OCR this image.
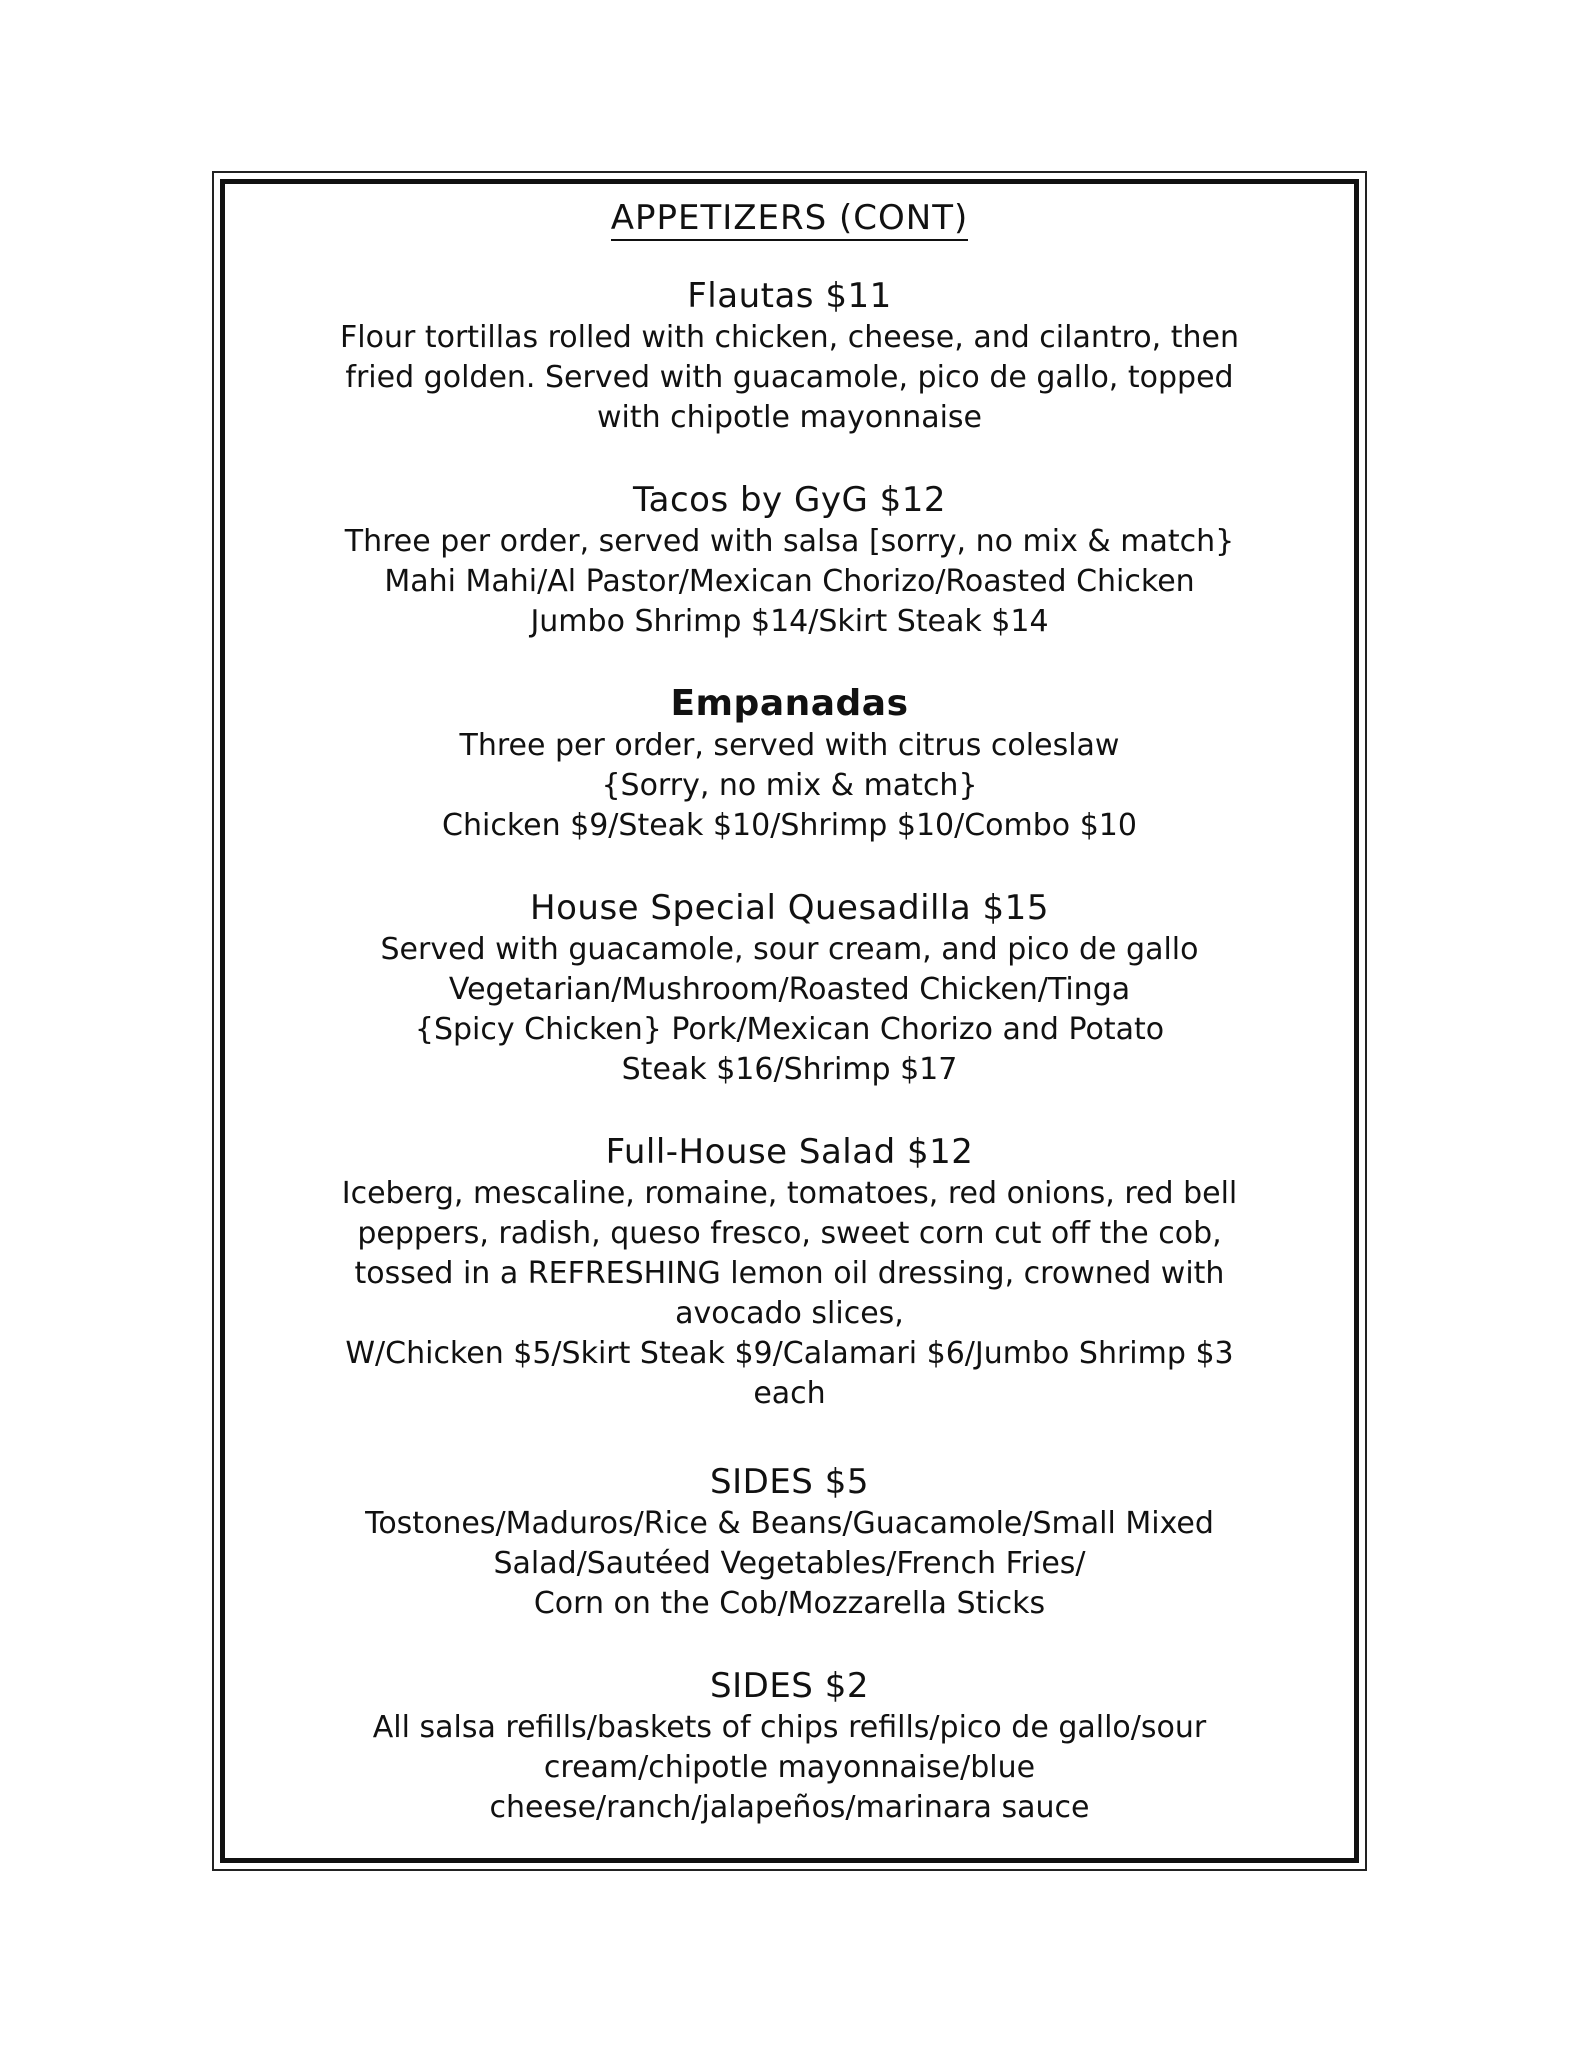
APPETIZERS (CONT)
Flautas $11
Flour tortillas rolled with chicken, cheese, and cilantro, then
fried golden. Served with guacamole, pico de gallo, topped
with chipotle mayonnaise
Tacos by GyG $12
Three per order, served with salsa [sorry, no mix & match}
Mahi Mahi/Al Pastor/Mexican Chorizo/Roasted Chicken
Jumbo Shrimp $14/Skirt Steak $14
Empanadas
Three per order, served with citrus coleslaw
{Sorry, no mix & match}
Chicken $9/Steak $10/Shrimp $10/Combo $10
House Special Quesadilla $15
Served with guacamole, sour cream, and pico de gallo
Vegetarian/Mushroom/Roasted Chicken/Tinga
{Spicy Chicken} Pork/Mexican Chorizo and Potato
Steak $16/Shrimp $17
Full-House Salad $12
Iceberg, mescaline, romaine, tomatoes, red onions, red bell
peppers, radish, queso fresco, sweet corn cut off the cob,
tossed in a REFRESHING lemon oil dressing, crowned with
avocado slices,
W/Chicken $5/Skirt Steak $9/Calamari $6/Jumbo Shrimp $3
each
SIDES $5
Tostones/Maduros/Rice & Beans/Guacamole/Small Mixed
Salad/Sautéed Vegetables/French Fries/
Corn on the Cob/Mozzarella Sticks
SIDES $2
All salsa refills/baskets of chips refills/pico de gallo/sour
cream/chipotle mayonnaise/blue
cheese/ranch/jalapeños/marinara sauce
